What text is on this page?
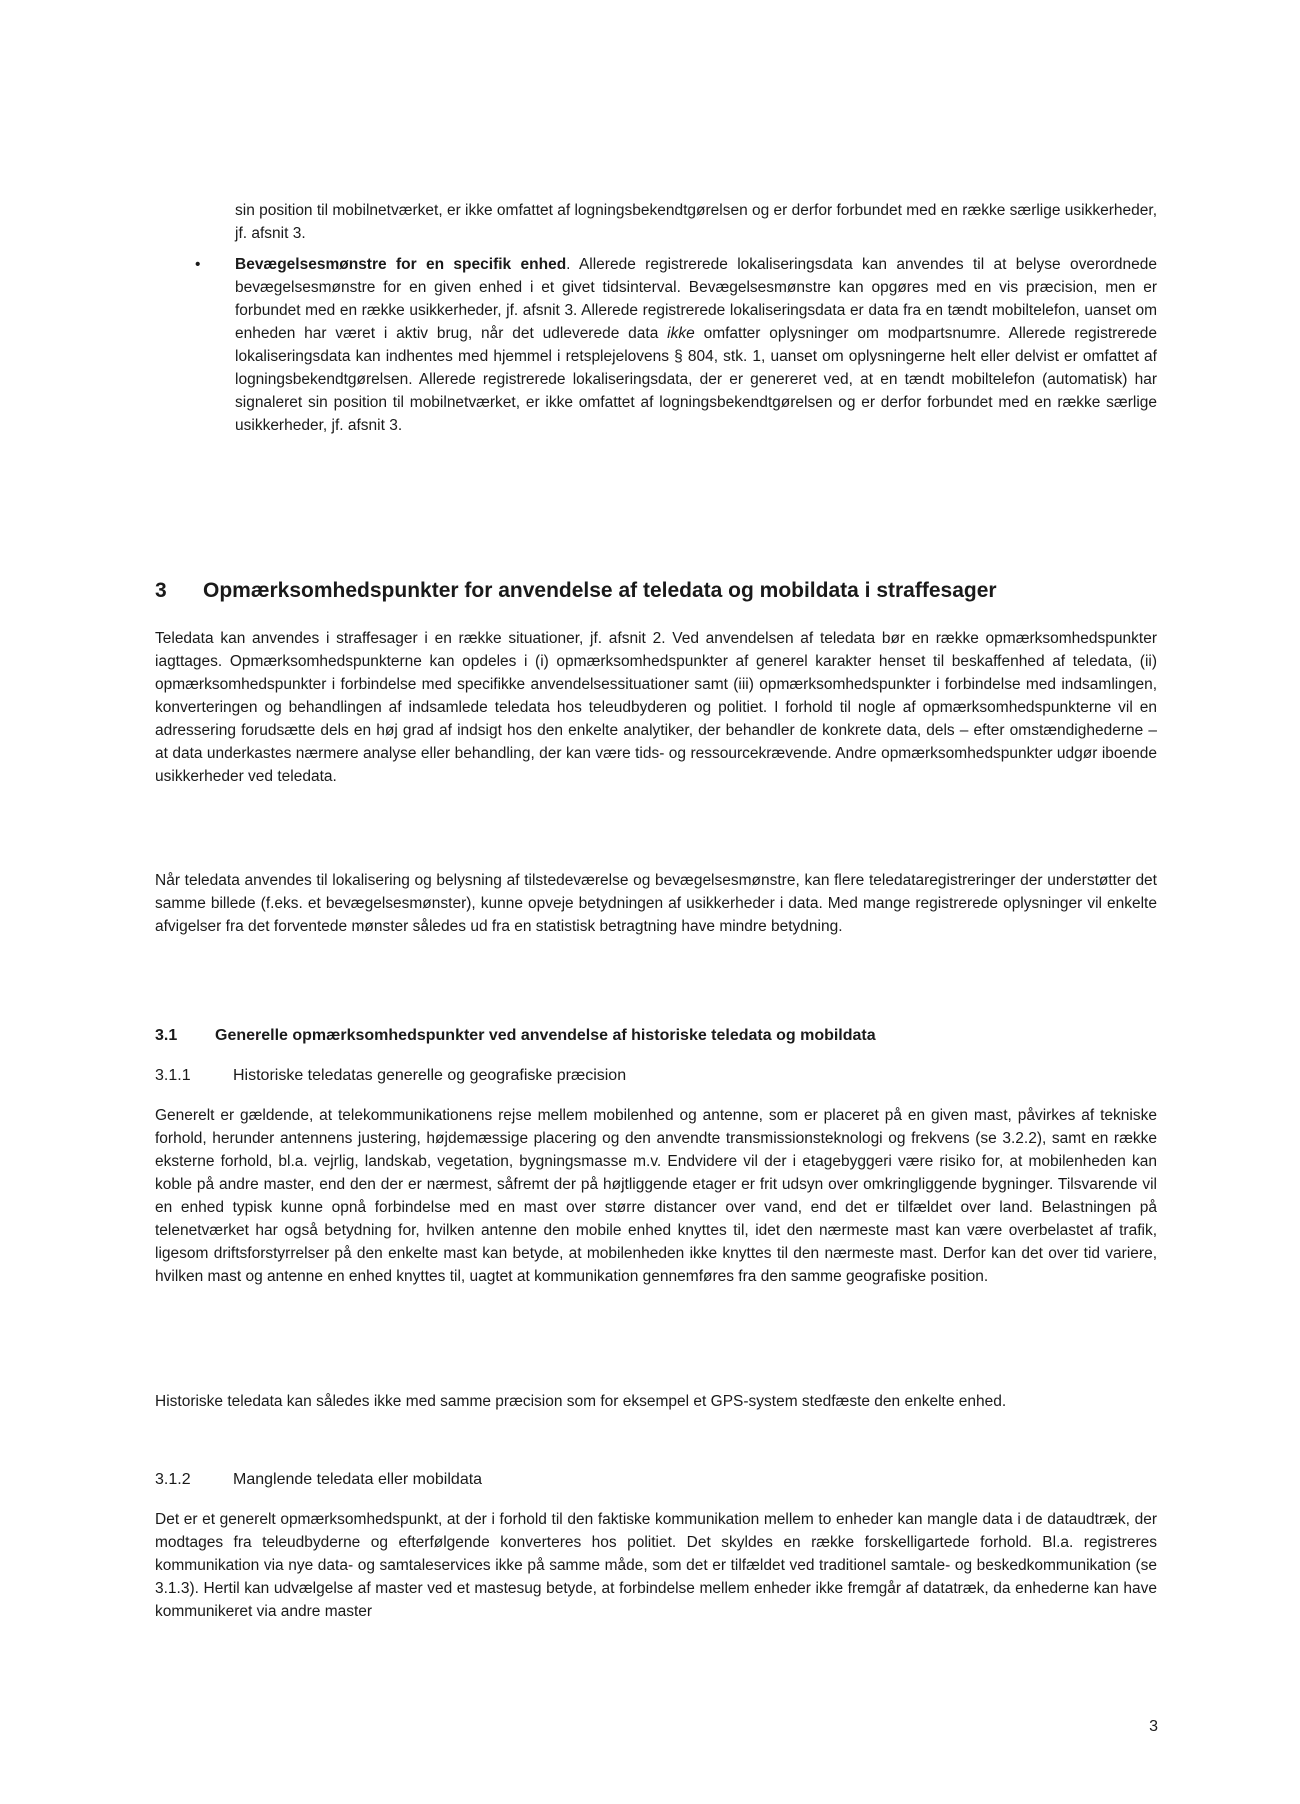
sin position til mobilnetværket, er ikke omfattet af logningsbekendtgørelsen og er derfor forbundet med en række særlige usikkerheder, jf. afsnit 3.

• Bevægelsesmønstre for en specifik enhed. Allerede registrerede lokaliseringsdata kan anvendes til at belyse overordnede bevægelsesmønstre for en given enhed i et givet tidsinterval. Bevægelsesmønstre kan opgøres med en vis præcision, men er forbundet med en række usikkerheder, jf. afsnit 3. Allerede registrerede lokaliseringsdata er data fra en tændt mobiltelefon, uanset om enheden har været i aktiv brug, når det udleverede data ikke omfatter oplysninger om modpartsnumre. Allerede registrerede lokaliseringsdata kan indhentes med hjemmel i retsplejelovens § 804, stk. 1, uanset om oplysningerne helt eller delvist er omfattet af logningsbekendtgørelsen. Allerede registrerede lokaliseringsdata, der er genereret ved, at en tændt mobiltelefon (automatisk) har signaleret sin position til mobilnetværket, er ikke omfattet af logningsbekendtgørelsen og er derfor forbundet med en række særlige usikkerheder, jf. afsnit 3.

3 Opmærksomhedspunkter for anvendelse af teledata og mobildata i straffesager

Teledata kan anvendes i straffesager i en række situationer, jf. afsnit 2. Ved anvendelsen af teledata bør en række opmærksomhedspunkter iagttages. Opmærksomhedspunkterne kan opdeles i (i) opmærksomhedspunkter af generel karakter henset til beskaffenhed af teledata, (ii) opmærksomhedspunkter i forbindelse med specifikke anvendelsessituationer samt (iii) opmærksomhedspunkter i forbindelse med indsamlingen, konverteringen og behandlingen af indsamlede teledata hos teleudbyderen og politiet. I forhold til nogle af opmærksomhedspunkterne vil en adressering forudsætte dels en høj grad af indsigt hos den enkelte analytiker, der behandler de konkrete data, dels – efter omstændighederne – at data underkastes nærmere analyse eller behandling, der kan være tids- og ressourcekrævende. Andre opmærksomhedspunkter udgør iboende usikkerheder ved teledata.

Når teledata anvendes til lokalisering og belysning af tilstedeværelse og bevægelsesmønstre, kan flere teledataregistreringer der understøtter det samme billede (f.eks. et bevægelsesmønster), kunne opveje betydningen af usikkerheder i data. Med mange registrerede oplysninger vil enkelte afvigelser fra det forventede mønster således ud fra en statistisk betragtning have mindre betydning.

3.1 Generelle opmærksomhedspunkter ved anvendelse af historiske teledata og mobildata
3.1.1	Historiske teledatas generelle og geografiske præcision

Generelt er gældende, at telekommunikationens rejse mellem mobilenhed og antenne, som er placeret på en given mast, påvirkes af tekniske forhold, herunder antennens justering, højdemæssige placering og den anvendte transmissionsteknologi og frekvens (se 3.2.2), samt en række eksterne forhold, bl.a. vejrlig, landskab, vegetation, bygningsmasse m.v. Endvidere vil der i etagebyggeri være risiko for, at mobilenheden kan koble på andre master, end den der er nærmest, såfremt der på højtliggende etager er frit udsyn over omkringliggende bygninger. Tilsvarende vil en enhed typisk kunne opnå forbindelse med en mast over større distancer over vand, end det er tilfældet over land. Belastningen på telenetværket har også betydning for, hvilken antenne den mobile enhed knyttes til, idet den nærmeste mast kan være overbelastet af trafik, ligesom driftsforstyrrelser på den enkelte mast kan betyde, at mobilenheden ikke knyttes til den nærmeste mast. Derfor kan det over tid variere, hvilken mast og antenne en enhed knyttes til, uagtet at kommunikation gennemføres fra den samme geografiske position.

Historiske teledata kan således ikke med samme præcision som for eksempel et GPS-system stedfæste den enkelte enhed.

3.1.2	Manglende teledata eller mobildata

Det er et generelt opmærksomhedspunkt, at der i forhold til den faktiske kommunikation mellem to enheder kan mangle data i de dataudtræk, der modtages fra teleudbyderne og efterfølgende konverteres hos politiet. Det skyldes en række forskelligartede forhold. Bl.a. registreres kommunikation via nye data- og samtaleservices ikke på samme måde, som det er tilfældet ved traditionel samtale- og beskedkommunikation (se 3.1.3). Hertil kan udvælgelse af master ved et mastesug betyde, at forbindelse mellem enheder ikke fremgår af datatræk, da enhederne kan have kommunikeret via andre master

3
